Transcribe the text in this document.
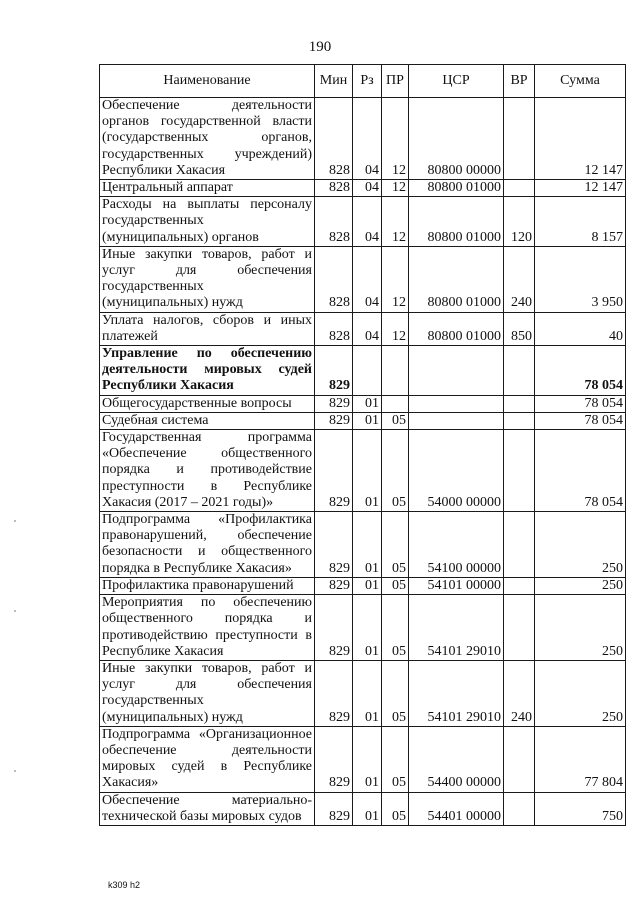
190
Наименование	Мин	Рз	ПР	ЦСР	ВР	Сумма
Обеспечение деятельности органов государственной власти (государственных органов, государственных учреждений) Республики Хакасия	828	04	12	80800 00000		12 147
Центральный аппарат	828	04	12	80800 01000		12 147
Расходы на выплаты персоналу государственных (муниципальных) органов	828	04	12	80800 01000	120	8 157
Иные закупки товаров, работ и услуг для обеспечения государственных (муниципальных) нужд	828	04	12	80800 01000	240	3 950
Уплата налогов, сборов и иных платежей	828	04	12	80800 01000	850	40
Управление по обеспечению деятельности мировых судей Республики Хакасия	829					78 054
Общегосударственные вопросы	829	01				78 054
Судебная система	829	01	05			78 054
Государственная программа «Обеспечение общественного порядка и противодействие преступности в Республике Хакасия (2017 – 2021 годы)»	829	01	05	54000 00000		78 054
Подпрограмма «Профилактика правонарушений, обеспечение безопасности и общественного порядка в Республике Хакасия»	829	01	05	54100 00000		250
Профилактика правонарушений	829	01	05	54101 00000		250
Мероприятия по обеспечению общественного порядка и противодействию преступности в Республике Хакасия	829	01	05	54101 29010		250
Иные закупки товаров, работ и услуг для обеспечения государственных (муниципальных) нужд	829	01	05	54101 29010	240	250
Подпрограмма «Организационное обеспечение деятельности мировых судей в Республике Хакасия»	829	01	05	54400 00000		77 804
Обеспечение материально-технической базы мировых судов	829	01	05	54401 00000		750
k309 h2
